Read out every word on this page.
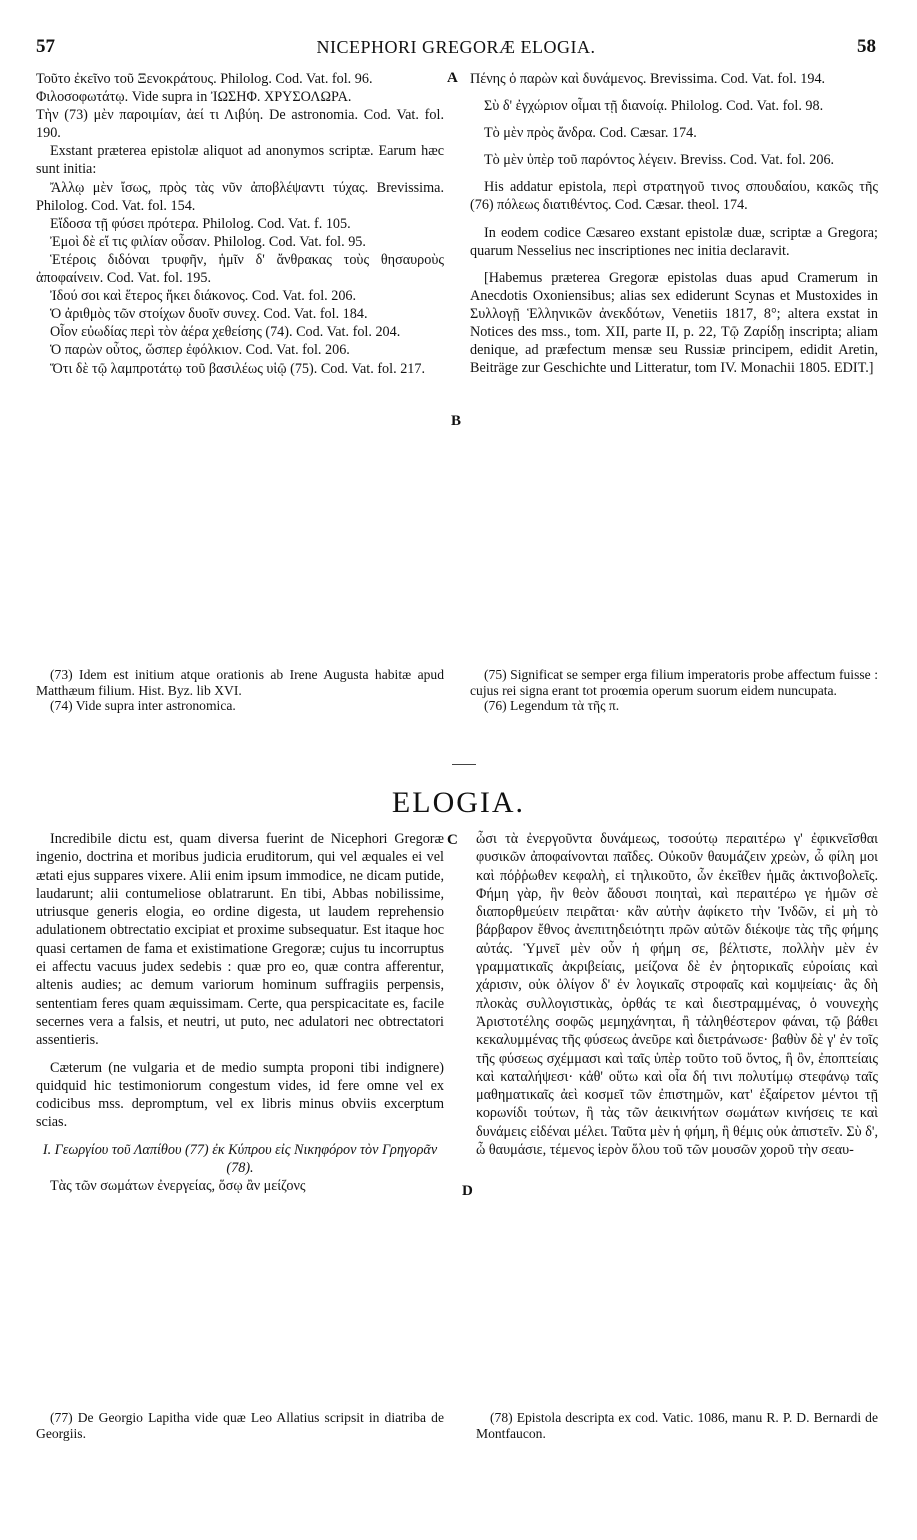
57	NICEPHORI GREGORÆ ELOGIA.	58
A
B
C
D

Τοῦτο ἐκεῖνο τοῦ Ξενοκράτους. Philolog. Cod. Vat. fol. 96.

Φιλοσοφωτάτῳ. Vide supra in ἸΩΣΗΦ. ΧΡΥΣΟΛΩΡΑ.

Τὴν (73) μὲν παροιμίαν, ἀεί τι Λιβύη. De astronomia. Cod. Vat. fol. 190.

Exstant præterea epistolæ aliquot ad anonymos scriptæ. Earum hæc sunt initia:

Ἄλλῳ μὲν ἴσως, πρὸς τὰς νῦν ἀποβλέψαντι τύχας. Brevissima. Philolog. Cod. Vat. fol. 154.

Εἴδοσα τῇ φύσει πρότερα. Philolog. Cod. Vat. f. 105.

Ἐμοὶ δὲ εἴ τις φιλίαν οὖσαν. Philolog. Cod. Vat. fol. 95.

Ἑτέροις διδόναι τρυφῆν, ἡμῖν δ' ἄνθρακας τοὺς θησαυροὺς ἀποφαίνειν. Cod. Vat. fol. 195.

Ἰδού σοι καὶ ἕτερος ἥκει διάκονος. Cod. Vat. fol. 206.

Ὁ ἀριθμὸς τῶν στοίχων δυοῖν συνεχ. Cod. Vat. fol. 184.

Οἷον εὐωδίας περὶ τὸν ἀέρα χεθείσης (74). Cod. Vat. fol. 204.

Ὁ παρὼν οὗτος, ὥσπερ ἐφόλκιον. Cod. Vat. fol. 206.

Ὅτι δὲ τῷ λαμπροτάτῳ τοῦ βασιλέως υἱῷ (75). Cod. Vat. fol. 217.

Πένης ὁ παρὼν καὶ δυνάμενος. Brevissima. Cod. Vat. fol. 194.

Σὺ δ' ἐγχώριον οἶμαι τῇ διανοίᾳ. Philolog. Cod. Vat. fol. 98.

Τὸ μὲν πρὸς ἄνδρα. Cod. Cæsar. 174.

Τὸ μὲν ὑπὲρ τοῦ παρόντος λέγειν. Breviss. Cod. Vat. fol. 206.

His addatur epistola, περὶ στρατηγοῦ τινος σπουδαίου, κακῶς τῆς (76) πόλεως διατιθέντος. Cod. Cæsar. theol. 174.

In eodem codice Cæsareo exstant epistolæ duæ, scriptæ a Gregora; quarum Nesselius nec inscriptiones nec initia declaravit.

[Habemus præterea Gregoræ epistolas duas apud Cramerum in Anecdotis Oxoniensibus; alias sex ediderunt Scynas et Mustoxides in Συλλογῇ Ἑλληνικῶν ἀνεκδότων, Venetiis 1817, 8°; altera exstat in Notices des mss., tom. XII, parte II, p. 22, Τῷ Ζαρίδῃ inscripta; aliam denique, ad præfectum mensæ seu Russiæ principem, edidit Aretin, Beiträge zur Geschichte und Litteratur, tom IV. Monachii 1805. EDIT.]

(73) Idem est initium atque orationis ab Irene Augusta habitæ apud Matthæum filium. Hist. Byz. lib XVI.

(74) Vide supra inter astronomica.

(75) Significat se semper erga filium imperatoris probe affectum fuisse : cujus rei signa erant tot proœmia operum suorum eidem nuncupata.

(76) Legendum τὰ τῆς π.

ELOGIA.

Incredibile dictu est, quam diversa fuerint de Nicephori Gregoræ ingenio, doctrina et moribus judicia eruditorum, qui vel æquales ei vel ætati ejus suppares vixere. Alii enim ipsum immodice, ne dicam putide, laudarunt; alii contumeliose oblatrarunt. En tibi, Abbas nobilissime, utriusque generis elogia, eo ordine digesta, ut laudem reprehensio adulationem obtrectatio excipiat et proxime subsequatur. Est itaque hoc quasi certamen de fama et existimatione Gregoræ; cujus tu incorruptus ei affectu vacuus judex sedebis : quæ pro eo, quæ contra afferentur, altenis audies; ac demum variorum hominum suffragiis perpensis, sententiam feres quam æquissimam. Certe, qua perspicacitate es, facile secernes vera a falsis, et neutri, ut puto, nec adulatori nec obtrectatori assentieris.

Cæterum (ne vulgaria et de medio sumpta proponi tibi indignere) quidquid hic testimoniorum congestum vides, id fere omne vel ex codicibus mss. depromptum, vel ex libris minus obviis excerptum scias.

I. Γεωργίου τοῦ Λαπίθου (77) ἐκ Κύπρου εἰς Νικηφόρον τὸν Γρηγορᾶν (78).

Τὰς τῶν σωμάτων ἐνεργείας, ὅσῳ ἂν μείζονς

ὦσι τὰ ἐνεργοῦντα δυνάμεως, τοσούτῳ περαιτέρω γ' ἐφικνεῖσθαι φυσικῶν ἀποφαίνονται παῖδες. Οὐκοῦν θαυμάζειν χρεὼν, ὦ φίλη μοι καὶ πόῤῥωθεν κεφαλὴ, εἰ τηλικοῦτο, ὧν ἐκεῖθεν ἡμᾶς ἀκτινοβολεῖς. Φήμη γὰρ, ἣν θεὸν ἄδουσι ποιηταὶ, καὶ περαιτέρω γε ἡμῶν σὲ διαπορθμεύειν πειρᾶται· κἂν αὐτὴν ἀφίκετο τὴν Ἰνδῶν, εἰ μὴ τὸ βάρβαρον ἔθνος ἀνεπιτηδειότητι πρῶν αὐτῶν διέκοψε τὰς τῆς φήμης αὐτάς. Ὑμνεῖ μὲν οὖν ἡ φήμη σε, βέλτιστε, πολλὴν μὲν ἐν γραμματικαῖς ἀκριβείαις, μείζονα δὲ ἐν ῥητορικαῖς εὐροίαις καὶ χάρισιν, οὐκ ὀλίγον δ' ἐν λογικαῖς στροφαῖς καὶ κομψείαις· ἃς δὴ πλοκὰς συλλογιστικὰς, ὀρθάς τε καὶ διεστραμμένας, ὁ νουνεχὴς Ἀριστοτέλης σοφῶς μεμηχάνηται, ἢ τἀληθέστερον φάναι, τῷ βάθει κεκαλυμμένας τῆς φύσεως ἀνεῦρε καὶ διετράνωσε· βαθὺν δὲ γ' ἐν τοῖς τῆς φύσεως σχέμμασι καὶ ταῖς ὑπὲρ τοῦτο τοῦ ὄντος, ἣ ὂν, ἐποπτείαις καὶ καταλήψεσι· κἀθ' οὕτω καὶ οἷα δή τινι πολυτίμῳ στεφάνῳ ταῖς μαθηματικαῖς ἀεὶ κοσμεῖ τῶν ἐπιστημῶν, κατ' ἐξαίρετον μέντοι τῇ κορωνίδι τούτων, ἣ τὰς τῶν ἀεικινήτων σωμάτων κινήσεις τε καὶ δυνάμεις εἰδέναι μέλει. Ταῦτα μὲν ἡ φήμη, ἣ θέμις οὐκ ἀπιστεῖν. Σὺ δ', ὦ θαυμάσιε, τέμενος ἱερὸν ὅλου τοῦ τῶν μουσῶν χοροῦ τὴν σεαυ-

(77) De Georgio Lapitha vide quæ Leo Allatius scripsit in diatriba de Georgiis.

(78) Epistola descripta ex cod. Vatic. 1086, manu R. P. D. Bernardi de Montfaucon.
